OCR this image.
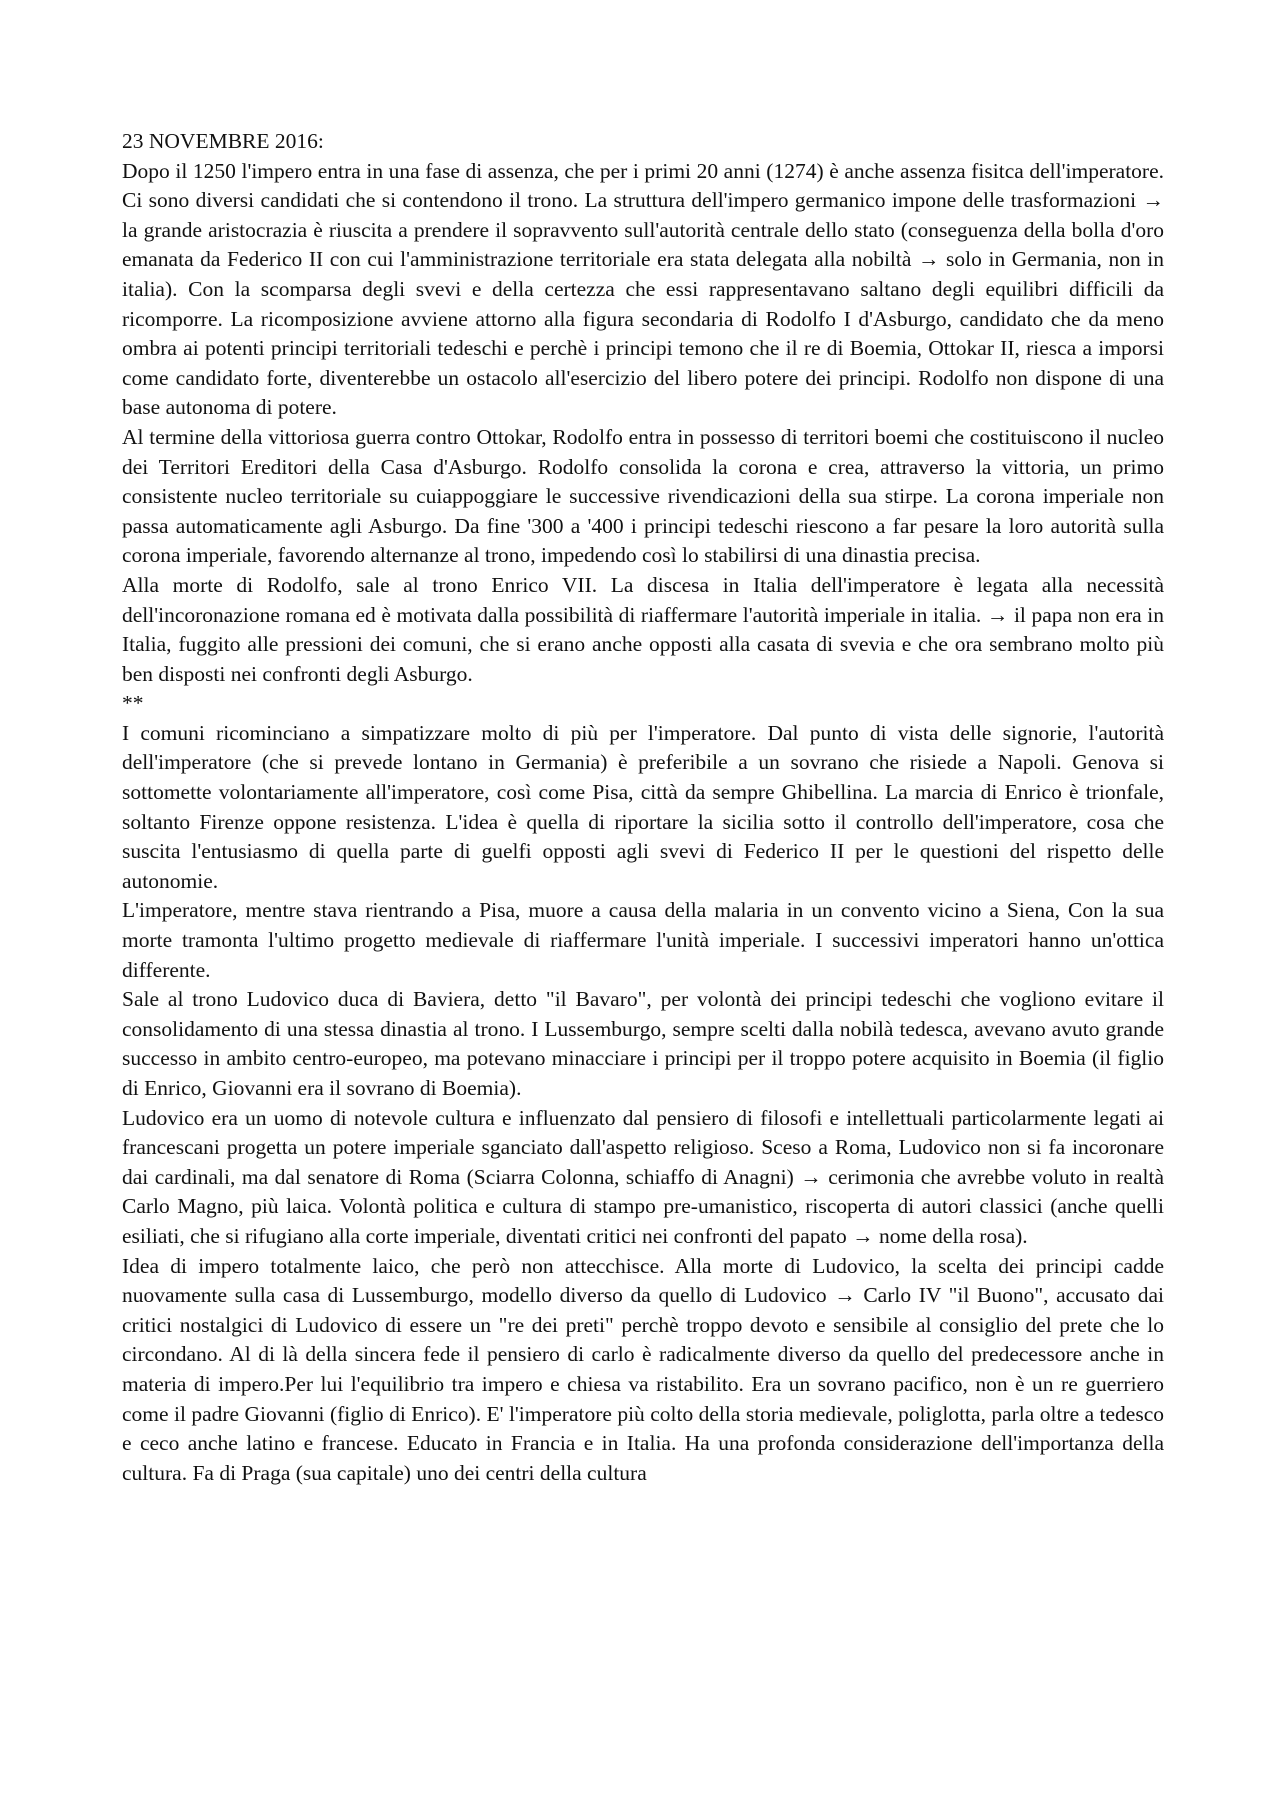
23 NOVEMBRE 2016:

Dopo il 1250 l'impero entra in una fase di assenza, che per i primi 20 anni (1274) è anche assenza fisitca dell'imperatore. Ci sono diversi candidati che si contendono il trono. La struttura dell'impero germanico impone delle trasformazioni → la grande aristocrazia è riuscita a prendere il sopravvento sull'autorità centrale dello stato (conseguenza della bolla d'oro emanata da Federico II con cui l'amministrazione territoriale era stata delegata alla nobiltà → solo in Germania, non in italia). Con la scomparsa degli svevi e della certezza che essi rappresentavano saltano degli equilibri difficili da ricomporre. La ricomposizione avviene attorno alla figura secondaria di Rodolfo I d'Asburgo, candidato che da meno ombra ai potenti principi territoriali tedeschi e perchè i principi temono che il re di Boemia, Ottokar II, riesca a imporsi come candidato forte, diventerebbe un ostacolo all'esercizio del libero potere dei principi. Rodolfo non dispone di una base autonoma di potere.

Al termine della vittoriosa guerra contro Ottokar, Rodolfo entra in possesso di territori boemi che costituiscono il nucleo dei Territori Ereditori della Casa d'Asburgo. Rodolfo consolida la corona e crea, attraverso la vittoria, un primo consistente nucleo territoriale su cuiappoggiare le successive rivendicazioni della sua stirpe. La corona imperiale non passa automaticamente agli Asburgo. Da fine '300 a '400 i principi tedeschi riescono a far pesare la loro autorità sulla corona imperiale, favorendo alternanze al trono, impedendo così lo stabilirsi di una dinastia precisa.

Alla morte di Rodolfo, sale al trono Enrico VII. La discesa in Italia dell'imperatore è legata alla necessità dell'incoronazione romana ed è motivata dalla possibilità di riaffermare l'autorità imperiale in italia. → il papa non era in Italia, fuggito alle pressioni dei comuni, che si erano anche opposti alla casata di svevia e che ora sembrano molto più ben disposti nei confronti degli Asburgo.

**

I comuni ricominciano a simpatizzare molto di più per l'imperatore. Dal punto di vista delle signorie, l'autorità dell'imperatore (che si prevede lontano in Germania) è preferibile a un sovrano che risiede a Napoli. Genova si sottomette volontariamente all'imperatore, così come Pisa, città da sempre Ghibellina. La marcia di Enrico è trionfale, soltanto Firenze oppone resistenza. L'idea è quella di riportare la sicilia sotto il controllo dell'imperatore, cosa che suscita l'entusiasmo di quella parte di guelfi opposti agli svevi di Federico II per le questioni del rispetto delle autonomie.

L'imperatore, mentre stava rientrando a Pisa, muore a causa della malaria in un convento vicino a Siena, Con la sua morte tramonta l'ultimo progetto medievale di riaffermare l'unità imperiale. I successivi imperatori hanno un'ottica differente.

Sale al trono Ludovico duca di Baviera, detto "il Bavaro", per volontà dei principi tedeschi che vogliono evitare il consolidamento di una stessa dinastia al trono. I Lussemburgo, sempre scelti dalla nobilà tedesca, avevano avuto grande successo in ambito centro-europeo, ma potevano minacciare i principi per il troppo potere acquisito in Boemia (il figlio di Enrico, Giovanni era il sovrano di Boemia).

Ludovico era un uomo di notevole cultura e influenzato dal pensiero di filosofi e intellettuali particolarmente legati ai francescani progetta un potere imperiale sganciato dall'aspetto religioso. Sceso a Roma, Ludovico non si fa incoronare dai cardinali, ma dal senatore di Roma (Sciarra Colonna, schiaffo di Anagni) → cerimonia che avrebbe voluto in realtà Carlo Magno, più laica. Volontà politica e cultura di stampo pre-umanistico, riscoperta di autori classici (anche quelli esiliati, che si rifugiano alla corte imperiale, diventati critici nei confronti del papato → nome della rosa).

Idea di impero totalmente laico, che però non attecchisce. Alla morte di Ludovico, la scelta dei principi cadde nuovamente sulla casa di Lussemburgo, modello diverso da quello di Ludovico → Carlo IV "il Buono", accusato dai critici nostalgici di Ludovico di essere un "re dei preti" perchè troppo devoto e sensibile al consiglio del prete che lo circondano. Al di là della sincera fede il pensiero di carlo è radicalmente diverso da quello del predecessore anche in materia di impero.Per lui l'equilibrio tra impero e chiesa va ristabilito. Era un sovrano pacifico, non è un re guerriero come il padre Giovanni (figlio di Enrico). E' l'imperatore più colto della storia medievale, poliglotta, parla oltre a tedesco e ceco anche latino e francese. Educato in Francia e in Italia. Ha una profonda considerazione dell'importanza della cultura. Fa di Praga (sua capitale) uno dei centri della cultura
